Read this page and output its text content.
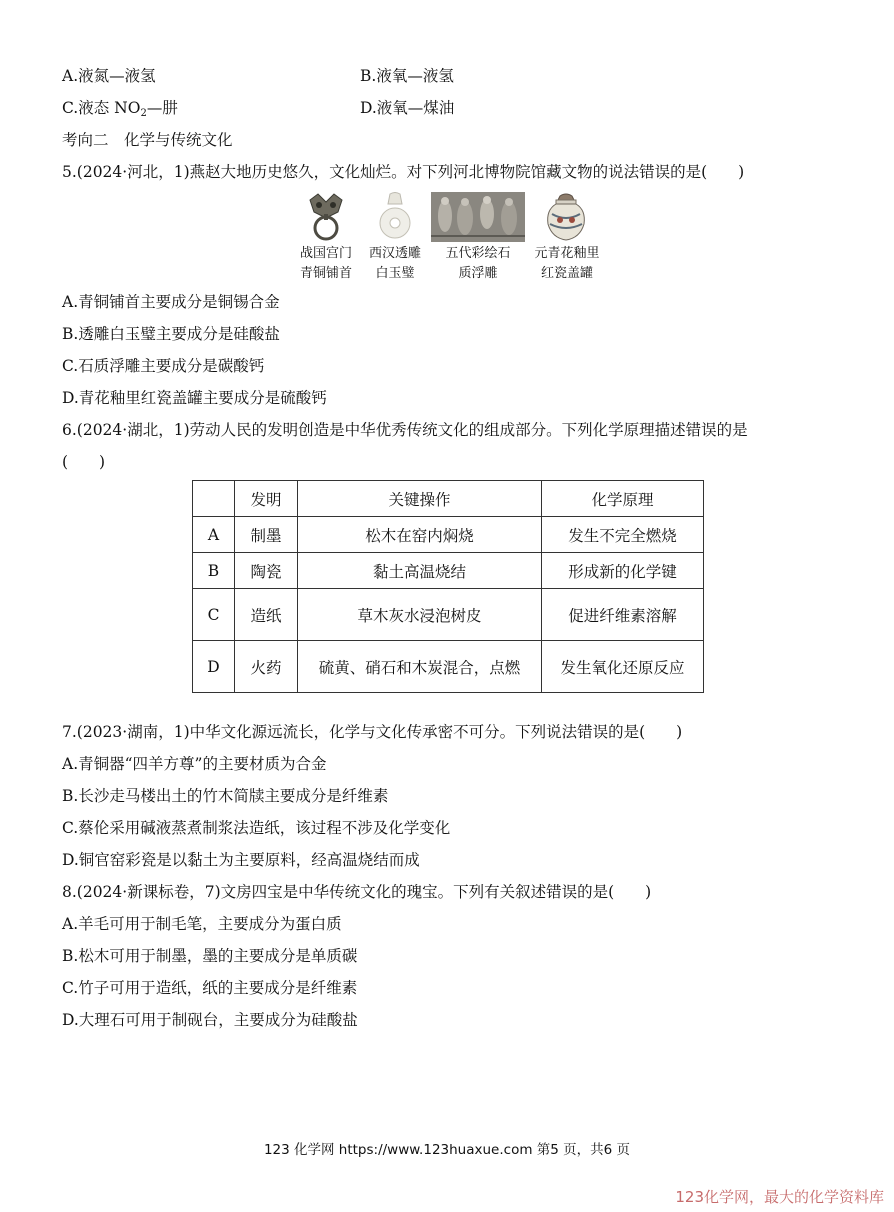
A.液氮—液氢	B.液氧—液氢
C.液态 $NO_2—$肼	D.液氧—煤油
考向二　化学与传统文化
5.(2024·河北，1)燕赵大地历史悠久，文化灿烂。对下列河北博物院馆藏文物的说法错误的是(　　)
战国宫门
青铜铺首
西汉透雕
白玉璧
五代彩绘石
质浮雕
元青花釉里
红瓷盖罐
A.青铜铺首主要成分是铜锡合金
B.透雕白玉璧主要成分是硅酸盐
C.石质浮雕主要成分是碳酸钙
D.青花釉里红瓷盖罐主要成分是硫酸钙
6.(2024·湖北，1)劳动人民的发明创造是中华优秀传统文化的组成部分。下列化学原理描述错误的是
(　　)
	发明	关键操作	化学原理
A	制墨	松木在窑内焖烧	发生不完全燃烧
B	陶瓷	黏土高温烧结	形成新的化学键
C	造纸	草木灰水浸泡树皮	促进纤维素溶解
D	火药	硫黄、硝石和木炭混合，点燃	发生氧化还原反应
7.(2023·湖南，1)中华文化源远流长，化学与文化传承密不可分。下列说法错误的是(　　)
A.青铜器“四羊方尊”的主要材质为合金
B.长沙走马楼出土的竹木简牍主要成分是纤维素
C.蔡伦采用碱液蒸煮制浆法造纸，该过程不涉及化学变化
D.铜官窑彩瓷是以黏土为主要原料，经高温烧结而成
8.(2024·新课标卷，7)文房四宝是中华传统文化的瑰宝。下列有关叙述错误的是(　　)
A.羊毛可用于制毛笔，主要成分为蛋白质
B.松木可用于制墨，墨的主要成分是单质碳
C.竹子可用于造纸，纸的主要成分是纤维素
D.大理石可用于制砚台，主要成分为硅酸盐
123 化学网 https://www.123huaxue.com 第5 页，共6 页
123化学网，最大的化学资料库
